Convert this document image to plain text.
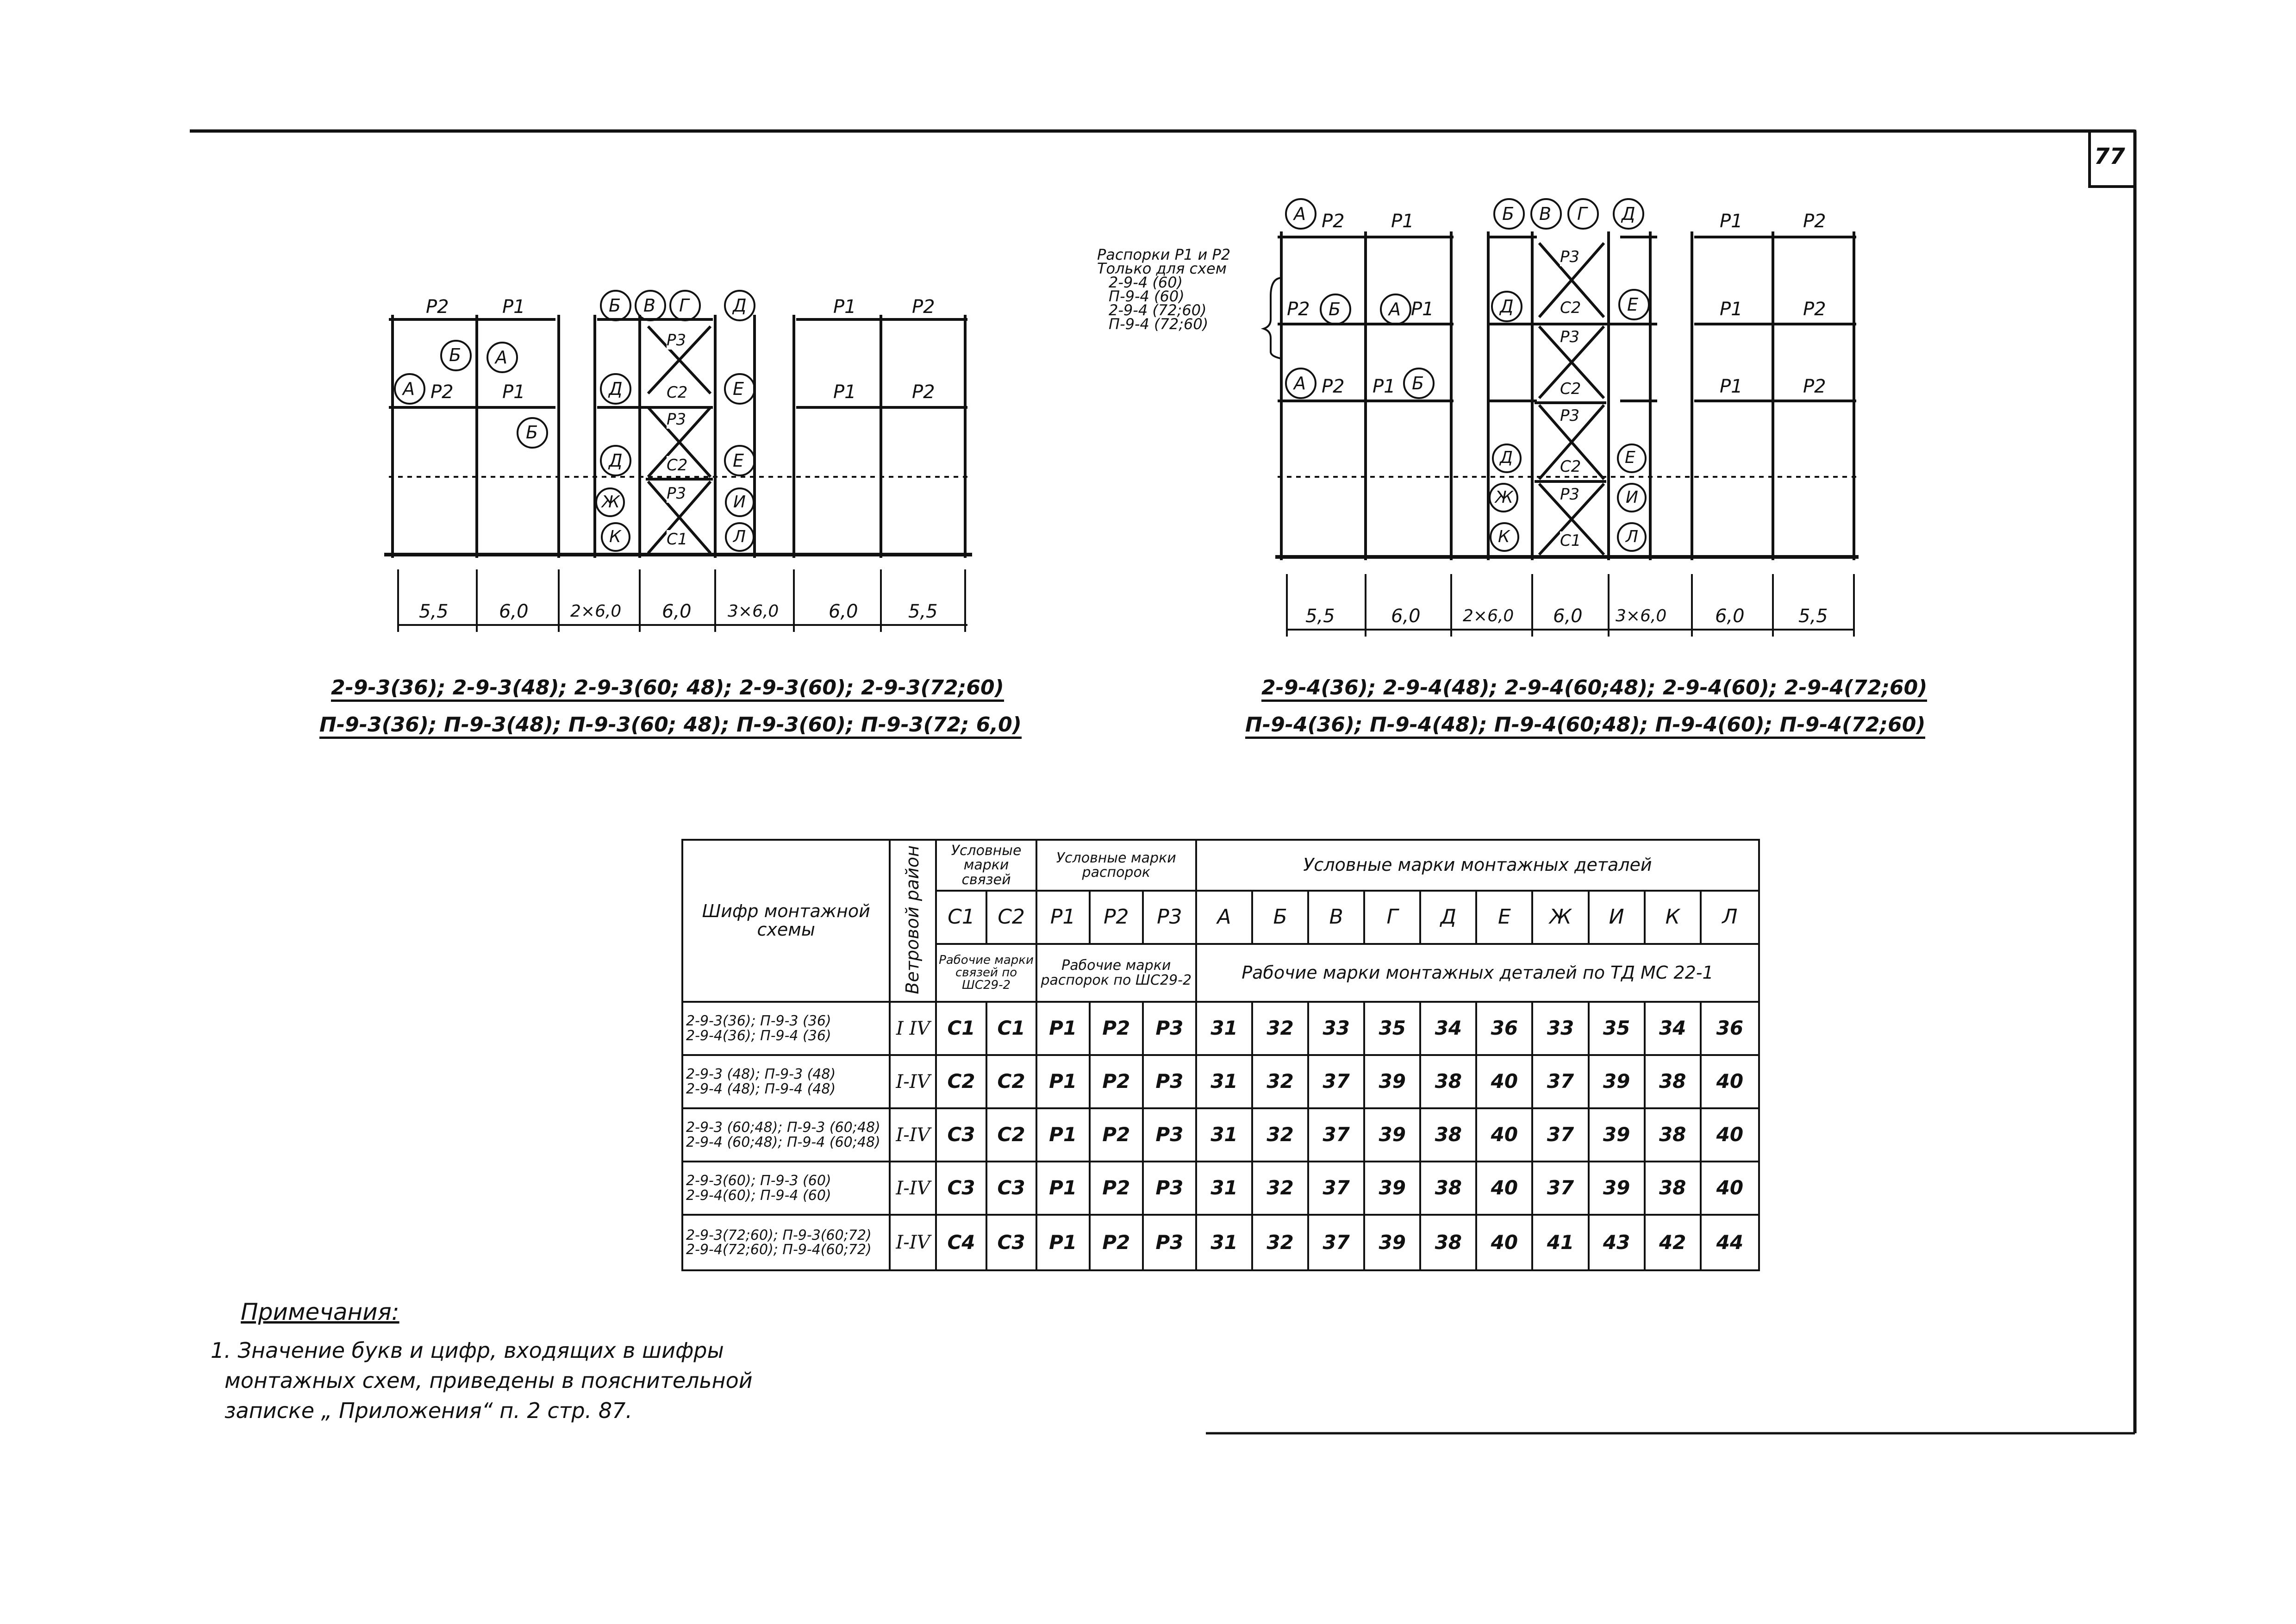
77
P2	P1	P1	P2
P2	P1	P1	P2
Б А
А
Б
Б В Г Д
Д	Е
Д	Е
Ж	И
К	Л
P3
C2
P3
C2
P3
C1
5,5	6,0	2×6,0 6,0 3×6,0	6,0	5,5
2-9-3(36); 2-9-3(48); 2-9-3(60; 48); 2-9-3(60); 2-9-3(72;60)
П-9-3(36); П-9-3(48); П-9-3(60; 48); П-9-3(60); П-9-3(72; 6,0)
Распорки P1 и P2
Только для схем
2-9-4 (60)
П-9-4 (60)
2-9-4 (72;60)
П-9-4 (72;60)
P2	P1	P1	P2
P2	P1	P1	P2
P2 P1	P1	P2
А	Б В Г Д
Б	А	Д	Е
А	Б
Д	Е
Ж	И
К	Л
P3
C2
P3
C2
P3
C2
P3
C1
5,5	6,0	2×6,0 6,0 3×6,0	6,0	5,5
2-9-4(36); 2-9-4(48); 2-9-4(60;48); 2-9-4(60); 2-9-4(72;60)
П-9-4(36); П-9-4(48); П-9-4(60;48); П-9-4(60); П-9-4(72;60)
Шифр монтажной схемы	Ветровой район	Условные марки связей		Условные марки распорок			Условные марки монтажных деталей									
		C1	C2	P1	P2	P3	А	Б	В	Г	Д	Е	Ж	И	К	Л
		Рабочие марки связей по ШС29-2		Рабочие марки распорок по ШС29-2			Рабочие марки монтажных деталей по ТД МС 22-1									

2-9-3(36); П-9-3 (36)
2-9-4(36); П-9-4 (36)	I IV	C1	C1	P1	P2	P3	31	32	33	35	34	36	33	35	34	36

2-9-3 (48); П-9-3 (48)
2-9-4 (48); П-9-4 (48)	I-IV	C2	C2	P1	P2	P3	31	32	37	39	38	40	37	39	38	40

2-9-3 (60;48); П-9-3 (60;48)
2-9-4 (60;48); П-9-4 (60;48)	I-IV	C3	C2	P1	P2	P3	31	32	37	39	38	40	37	39	38	40

2-9-3(60); П-9-3 (60)
2-9-4(60); П-9-4 (60)	I-IV	C3	C3	P1	P2	P3	31	32	37	39	38	40	37	39	38	40

2-9-3(72;60); П-9-3(60;72)
2-9-4(72;60); П-9-4(60;72)	I-IV	C4	C3	P1	P2	P3	31	32	37	39	38	40	41	43	42	44
Примечания:
1. Значение букв и цифр, входящих в шифры
монтажных схем, приведены в пояснительной
записке „ Приложения“ п. 2 стр. 87.
